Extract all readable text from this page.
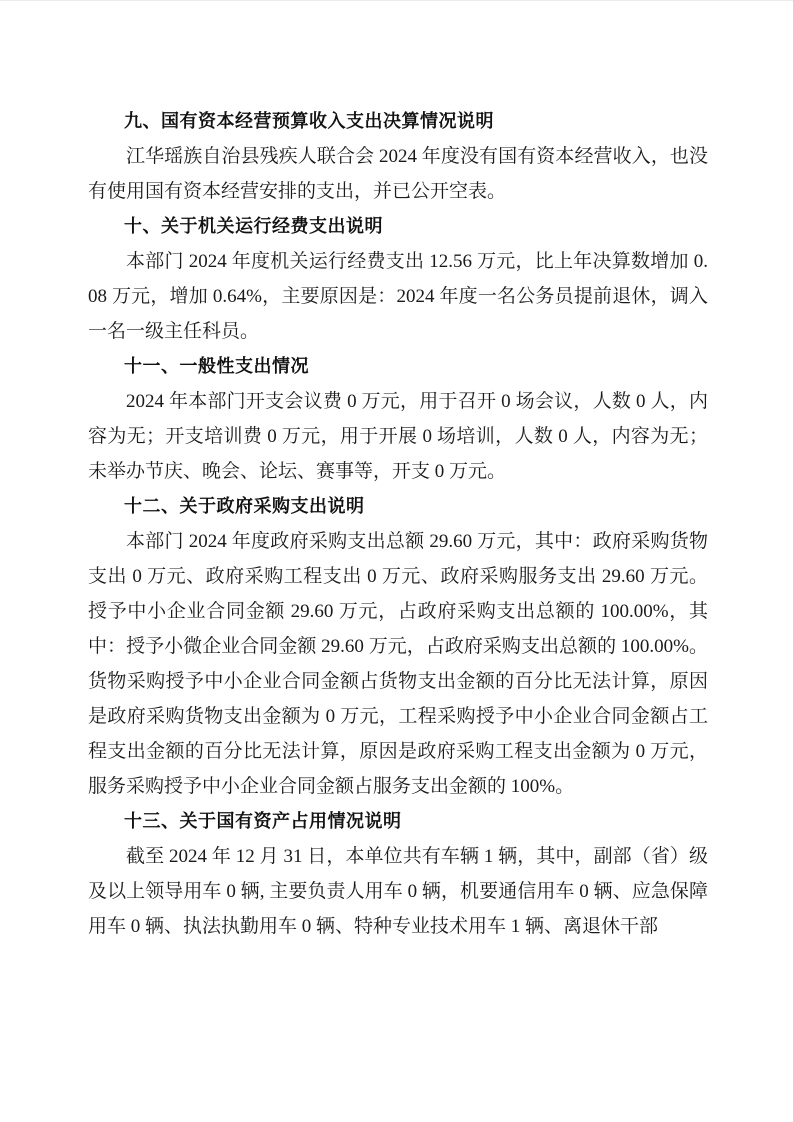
九、国有资本经营预算收入支出决算情况说明

江华瑶族自治县残疾人联合会 2024 年度没有国有资本经营收入，也没有使用国有资本经营安排的支出，并已公开空表。

十、关于机关运行经费支出说明

本部门 2024 年度机关运行经费支出 12.56 万元，比上年决算数增加 0.08 万元，增加 0.64%，主要原因是：2024 年度一名公务员提前退休，调入一名一级主任科员。

十一、一般性支出情况

2024 年本部门开支会议费 0 万元，用于召开 0 场会议，人数 0 人，内容为无；开支培训费 0 万元，用于开展 0 场培训，人数 0 人，内容为无；未举办节庆、晚会、论坛、赛事等，开支 0 万元。

十二、关于政府采购支出说明

本部门 2024 年度政府采购支出总额 29.60 万元，其中：政府采购货物支出 0 万元、政府采购工程支出 0 万元、政府采购服务支出 29.60 万元。授予中小企业合同金额 29.60 万元，占政府采购支出总额的 100.00%，其中：授予小微企业合同金额 29.60 万元，占政府采购支出总额的 100.00%。货物采购授予中小企业合同金额占货物支出金额的百分比无法计算，原因是政府采购货物支出金额为 0 万元，工程采购授予中小企业合同金额占工程支出金额的百分比无法计算，原因是政府采购工程支出金额为 0 万元，服务采购授予中小企业合同金额占服务支出金额的 100%。

十三、关于国有资产占用情况说明

截至 2024 年 12 月 31 日，本单位共有车辆 1 辆，其中，副部（省）级及以上领导用车 0 辆, 主要负责人用车 0 辆，机要通信用车 0 辆、应急保障用车 0 辆、执法执勤用车 0 辆、特种专业技术用车 1 辆、离退休干部
